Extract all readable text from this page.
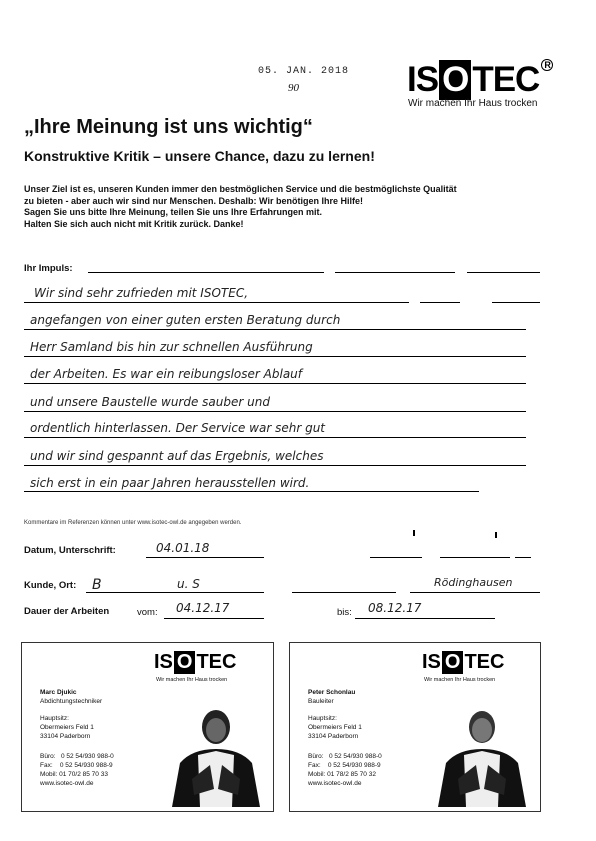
05. JAN. 2018
90	IS O TEC $^R$
Wir machen Ihr Haus trocken
„Ihre Meinung ist uns wichtig“
Konstruktive Kritik – unsere Chance, dazu zu lernen!
Unser Ziel ist es, unseren Kunden immer den bestmöglichen Service und die bestmöglichste Qualität
zu bieten - aber auch wir sind nur Menschen. Deshalb: Wir benötigen Ihre Hilfe!
Sagen Sie uns bitte Ihre Meinung, teilen Sie uns Ihre Erfahrungen mit.
Halten Sie sich auch nicht mit Kritik zurück. Danke!
Ihr Impuls:
Wir sind sehr zufrieden mit ISOTEC,
angefangen von einer guten ersten Beratung durch
Herr Samland bis hin zur schnellen Ausführung
der Arbeiten. Es war ein reibungsloser Ablauf
und unsere Baustelle wurde sauber und
ordentlich hinterlassen. Der Service war sehr gut
und wir sind gespannt auf das Ergebnis, welches
sich erst in ein paar Jahren herausstellen wird.
Kommentare im Referenzen können unter www.isotec-owl.de angegeben werden.
Datum, Unterschrift:	04.01.18
Kunde, Ort: B	u. S	Rödinghausen
Dauer der Arbeiten	vom: 04.12.17	bis: 08.12.17
IS O TEC
Wir machen Ihr Haus trocken
Marc Djukic
Abdichtungstechniker
Hauptsitz:
Obermeiers Feld 1
33104 Paderborn
Büro:   0 52 54/930 988-0
Fax:    0 52 54/930 988-9
Mobil: 01 70/2 85 70 33
www.isotec-owl.de
IS O TEC
Wir machen Ihr Haus trocken
Peter Schonlau
Bauleiter
Hauptsitz:
Obermeiers Feld 1
33104 Paderborn
Büro:   0 52 54/930 988-0
Fax:    0 52 54/930 988-9
Mobil: 01 78/2 85 70 32
www.isotec-owl.de
